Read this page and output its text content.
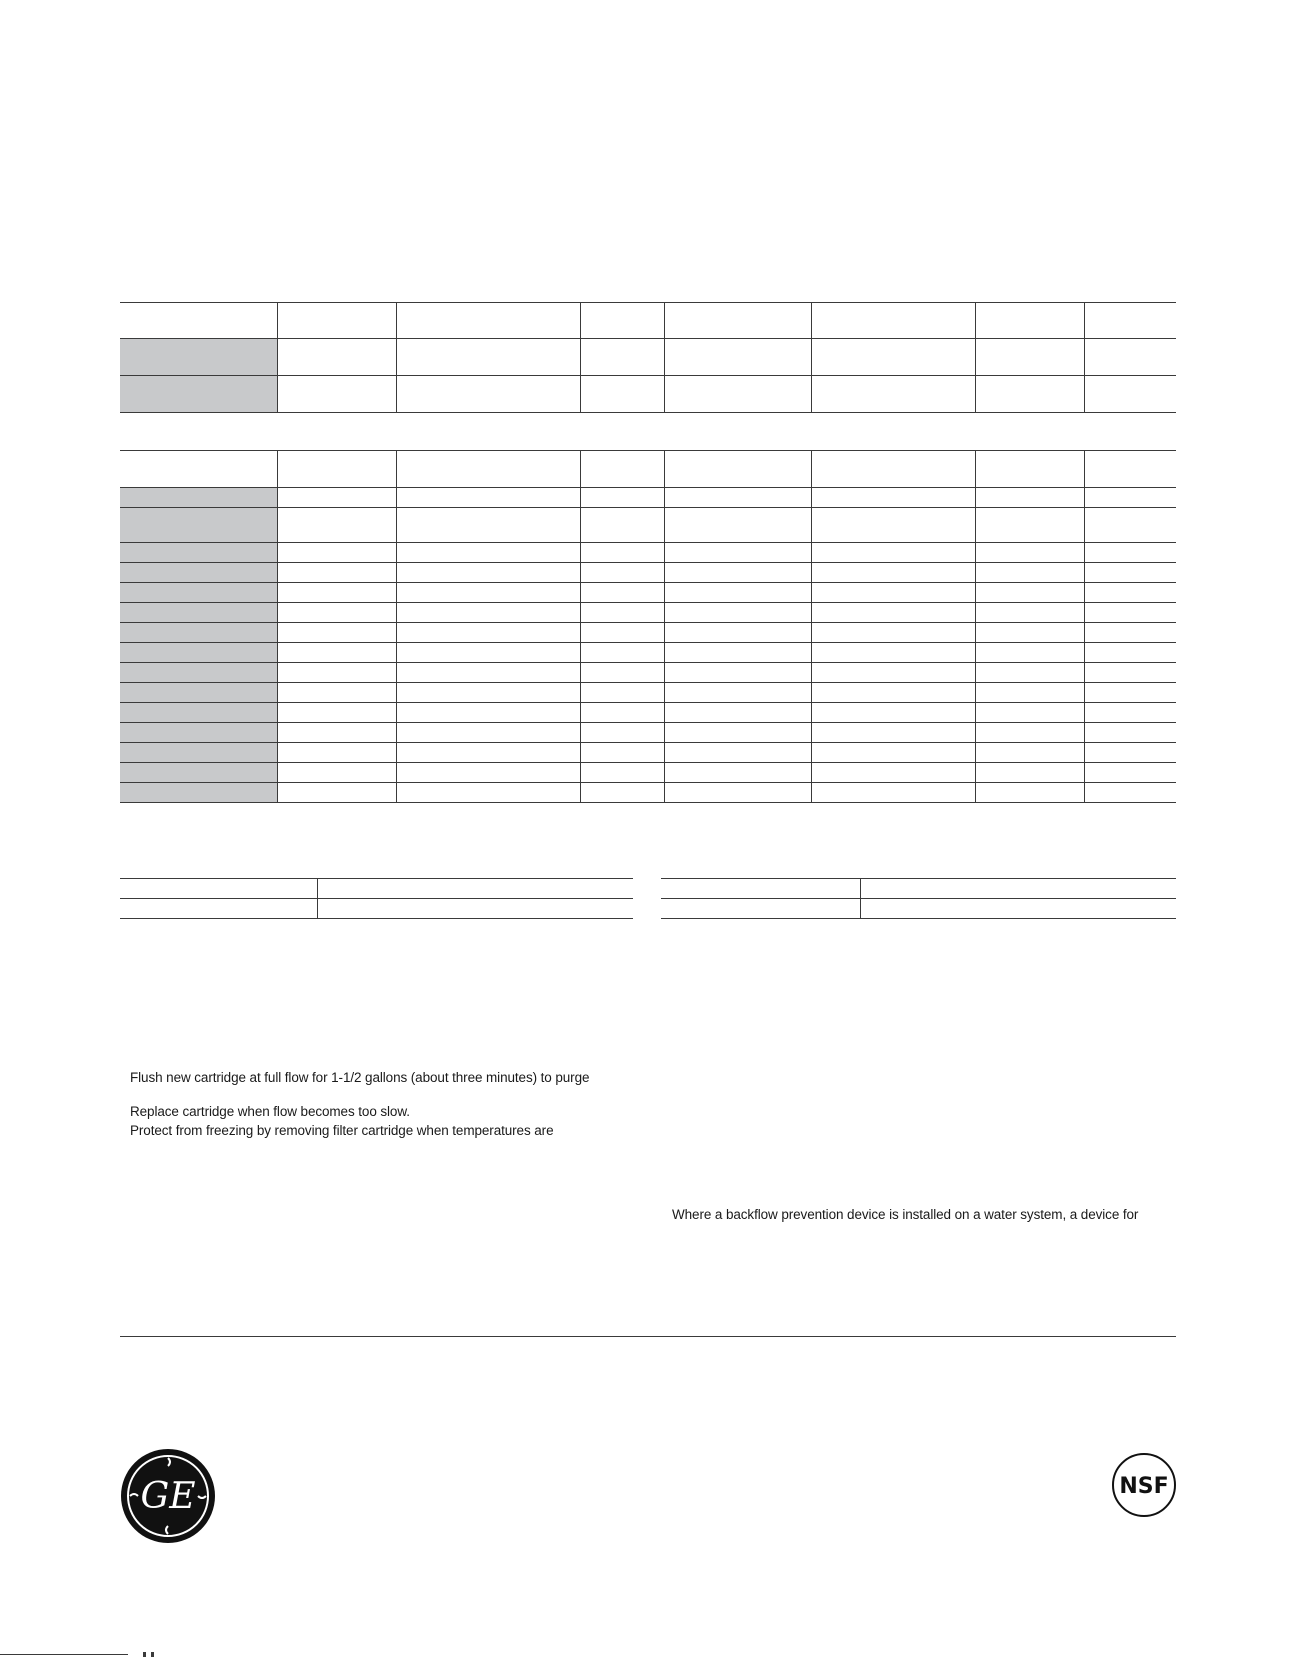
Flush new cartridge at full flow for 1-1/2 gallons (about three minutes) to purge
Replace cartridge when flow becomes too slow.
Protect from freezing by removing filter cartridge when temperatures are
Where a backflow prevention device is installed on a water system, a device for
GE	NSF
